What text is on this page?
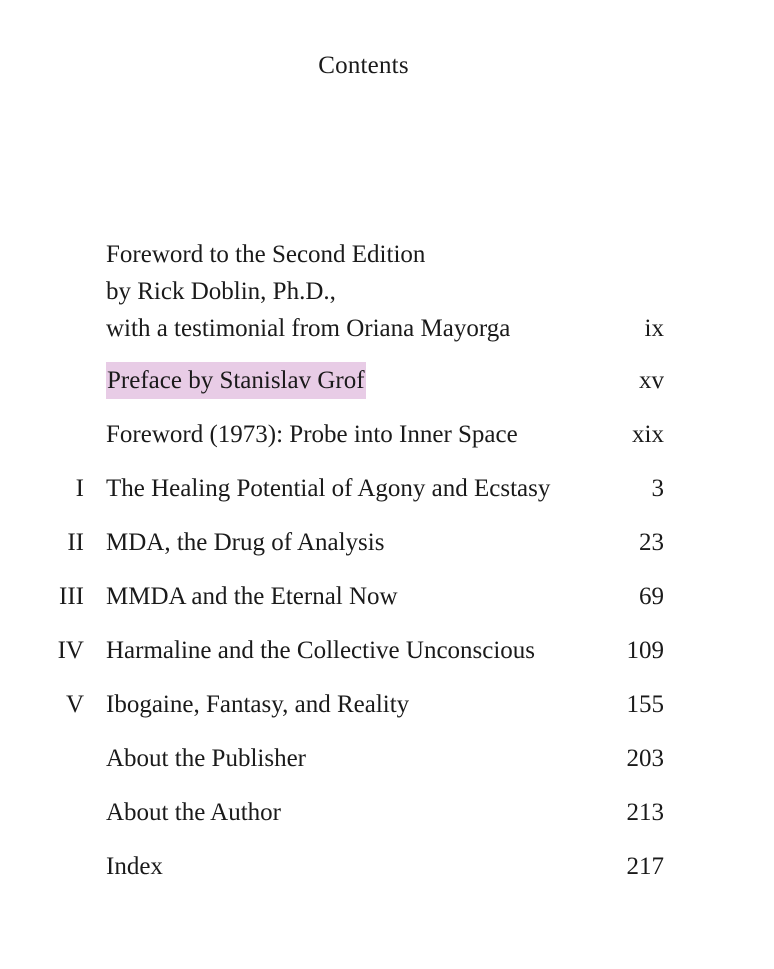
Contents
Foreword to the Second Edition
by Rick Doblin, Ph.D.,
with a testimonial from Oriana Mayorga	ix
Preface by Stanislav Grof	xv
Foreword (1973): Probe into Inner Space	xix
I The Healing Potential of Agony and Ecstasy	3
II MDA, the Drug of Analysis	23
III MMDA and the Eternal Now	69
IV Harmaline and the Collective Unconscious	109
V Ibogaine, Fantasy, and Reality	155
About the Publisher	203
About the Author	213
Index	217
